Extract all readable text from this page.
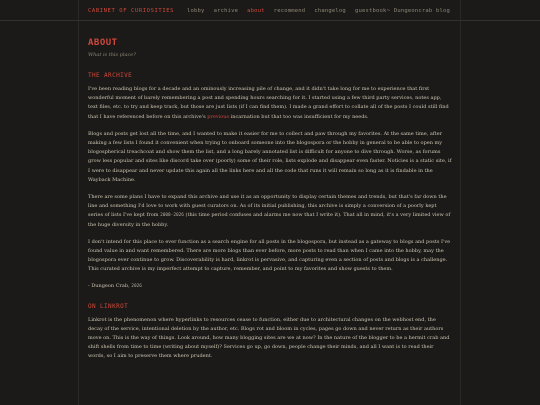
CABINET OF CURIOSITIES lobby archive about recommend changelog guestbook ~ Dungeoncrab blog
ABOUT
What is this place?
THE ARCHIVE
I've been reading blogs for a decade and an ominously increasing pile of change, and it didn't take long for me to experience that first wonderful moment of barely remembering a post and spending hours searching for it. I started using a few third party services, notes app, text files, etc. to try and keep track, but those are just lists (if I can find them). I made a grand effort to collate all of the posts I could still find that I have referenced before on this archive's previous incarnation but that too was insufficient for my needs.
Blogs and posts get lost all the time, and I wanted to make it easier for me to collect and paw through my favorites. At the same time, after making a few lists I found it convenient when trying to onboard someone into the blogospora or the hobby in general to be able to open my blogospherical treachcoat and show them the list, and a long barely annotated list is difficult for anyone to dive through. Worse, as forums grow less popular and sites like discord take over (poorly) some of their role, lists explode and disappear even faster. Noticies is a static site, if I were to disappear and never update this again all the links here and all the code that runs it will remain so long as it is findable in the Wayback Machine.
There are some plans I have to expand this archive and use it as an opportunity to display certain themes and trends, but that's far down the line and something I'd love to work with guest curators on. As of its initial publishing, this archive is simply a conversion of a poorly kept series of lists I've kept from 2008-2026 (this time period confuses and alarms me now that I write it). That all in mind, it's a very limited view of the huge diversity in the hobby.
I don't intend for this place to ever function as a search engine for all posts in the blogospora, but instead as a gateway to blogs and posts I've found value in and want remembered. There are more blogs than ever before, more posts to read than when I came into the hobby, may the blogospora ever continue to grow. Discoverability is hard, linkrot is pervasive, and capturing even a section of posts and blogs is a challenge. This curated archive is my imperfect attempt to capture, remember, and point to my favorites and show guests to them.
- Dungeon Crab, 2026
ON LINKROT
Linkrot is the phenomenon where hyperlinks to resources cease to function, either due to architectural changes on the webhost end, the decay of the service, intentional deletion by the author, etc. Blogs rot and bloom in cycles, pages go down and never return as their authors move on. This is the way of things. Look around, how many blogging sites are we at now? In the nature of the blogger to be a hermit crab and shift shells from time to time (writing about myself)? Services go up, go down, people change their minds, and all I want is to read their words, so I aim to preserve them where prudent.
